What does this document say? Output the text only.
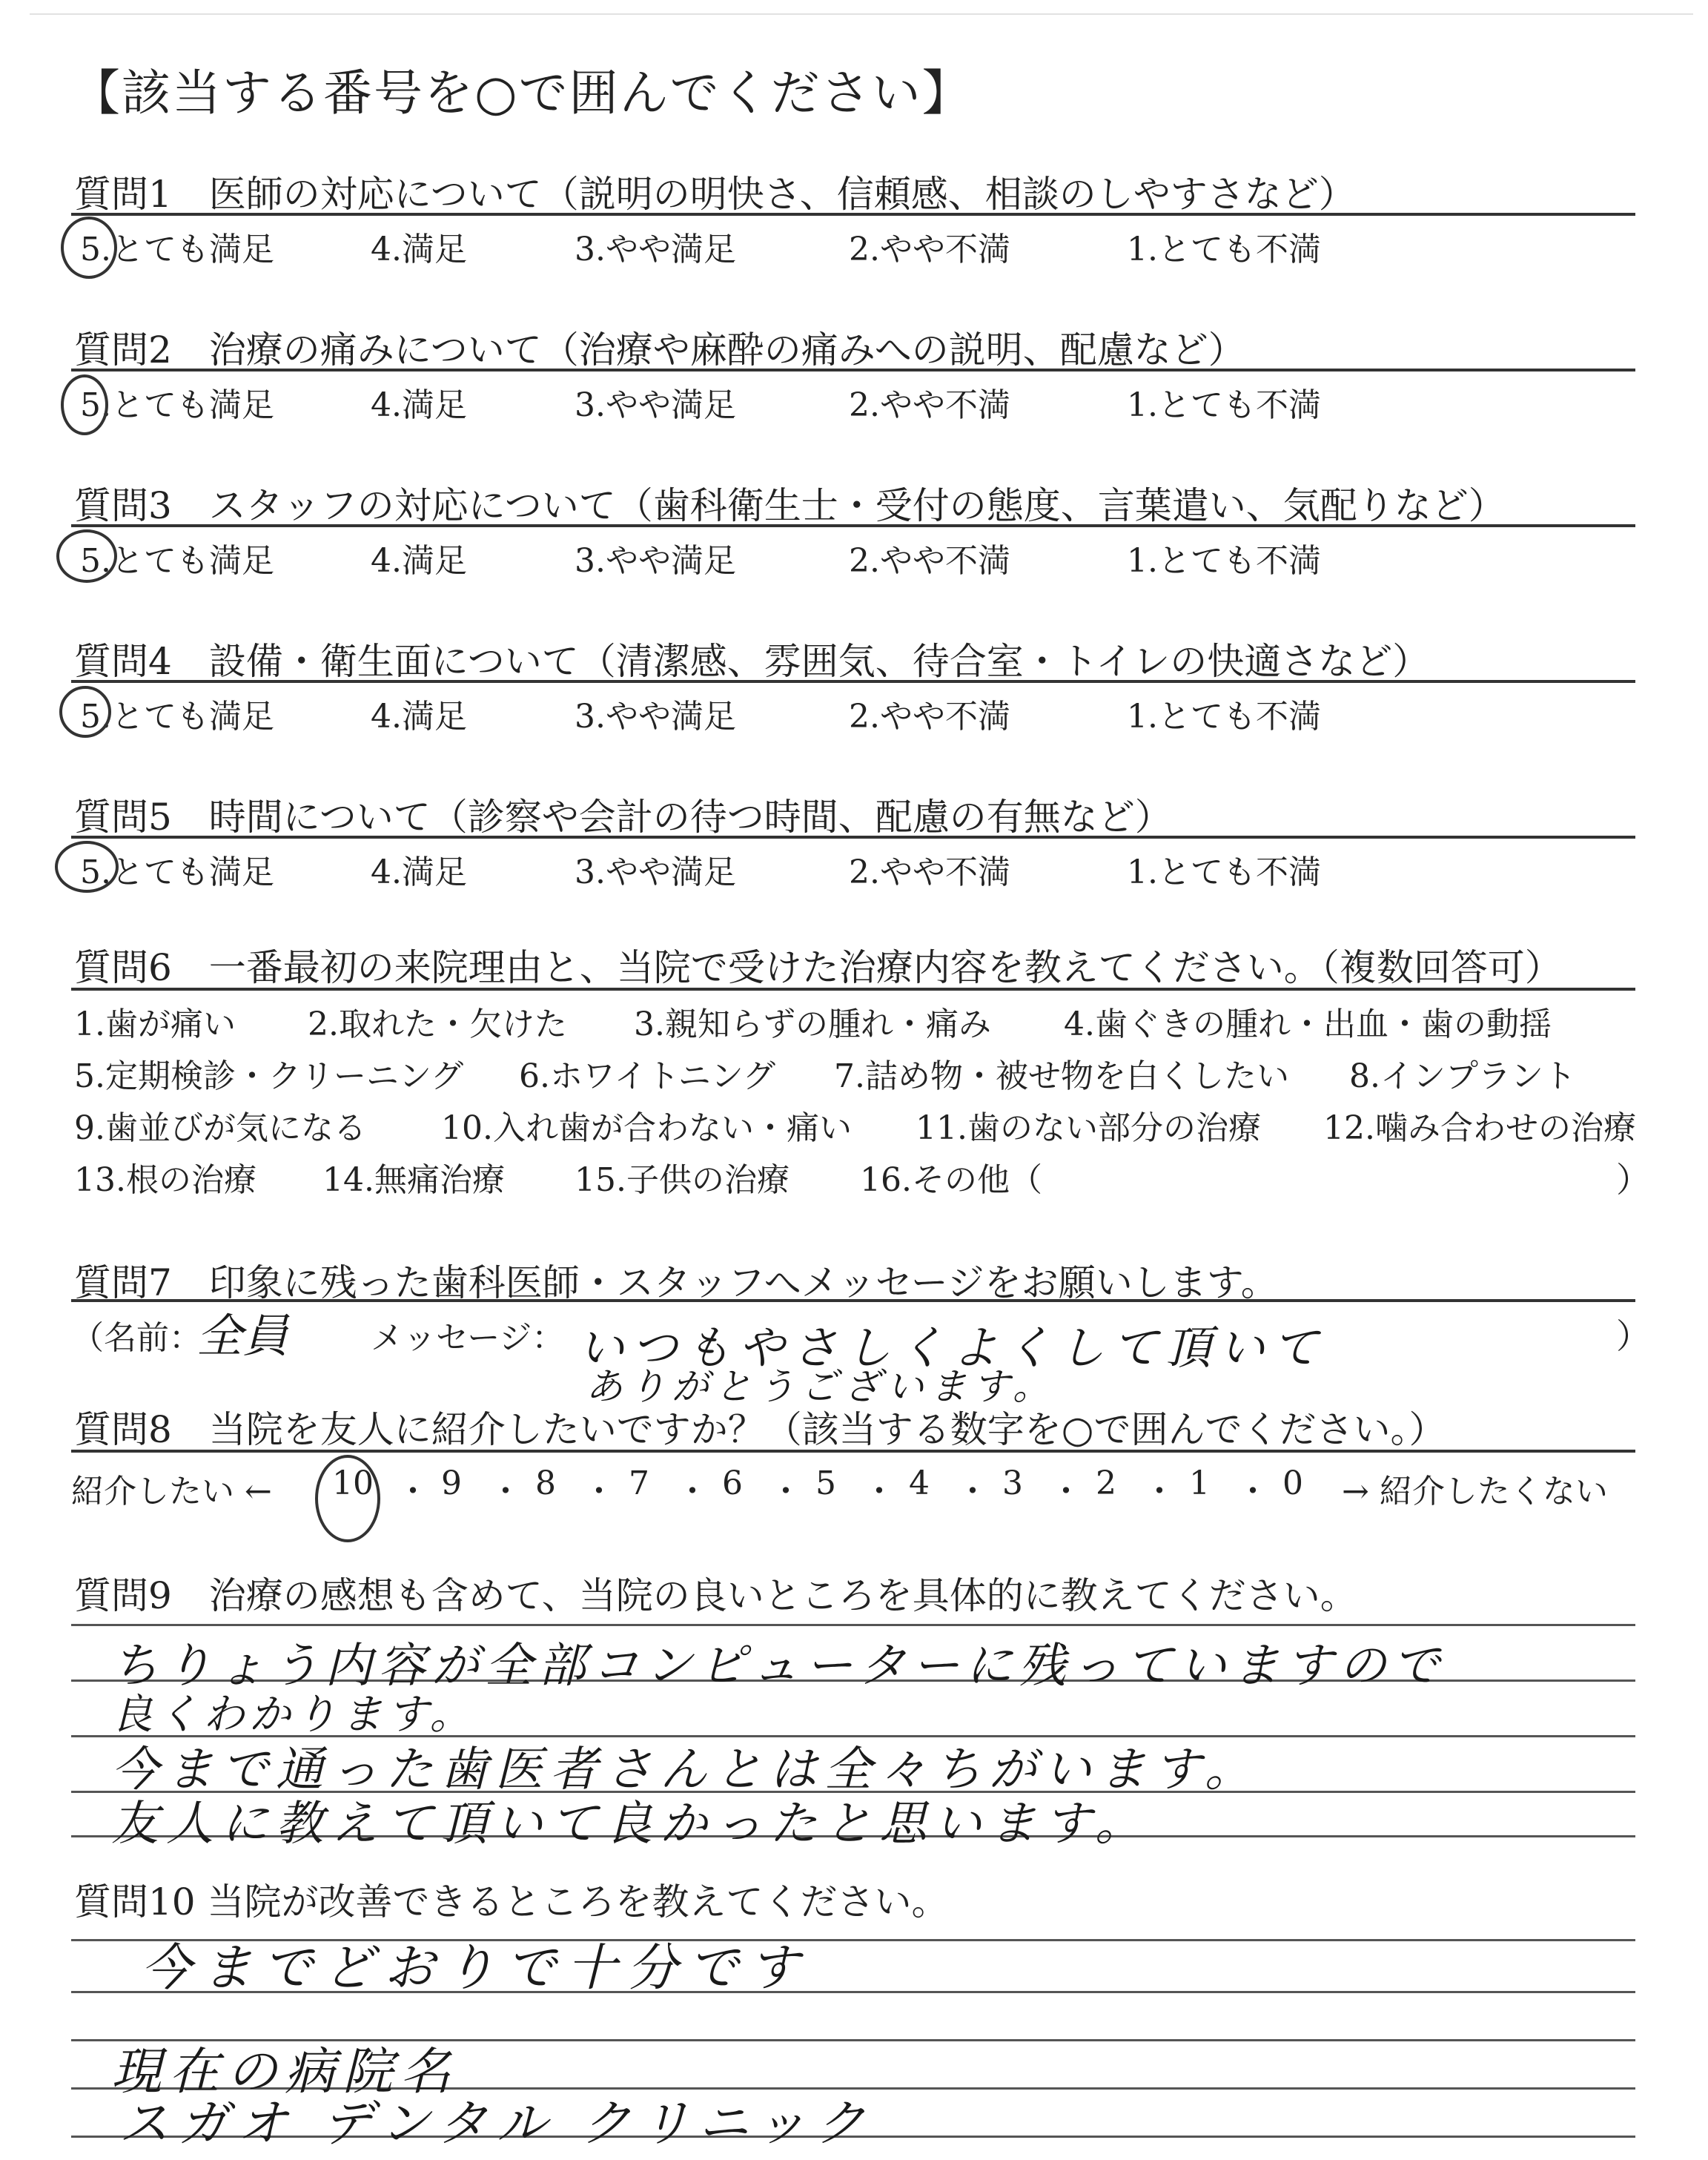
【該当する番号を○で囲んでください】
質問1　医師の対応について（説明の明快さ、信頼感、相談のしやすさなど）
5.とても満足	4.満足	3.やや満足	2.やや不満	1.とても不満
質問2　治療の痛みについて（治療や麻酔の痛みへの説明、配慮など）
5.とても満足	4.満足	3.やや満足	2.やや不満	1.とても不満
質問3　スタッフの対応について（歯科衛生士・受付の態度、言葉遣い、気配りなど）
5.とても満足	4.満足	3.やや満足	2.やや不満	1.とても不満
質問4　設備・衛生面について（清潔感、雰囲気、待合室・トイレの快適さなど）
5.とても満足	4.満足	3.やや満足	2.やや不満	1.とても不満
質問5　時間について（診察や会計の待つ時間、配慮の有無など）
5.とても満足	4.満足	3.やや満足	2.やや不満	1.とても不満
質問6　一番最初の来院理由と、当院で受けた治療内容を教えてください。（複数回答可）
1.歯が痛い 2.取れた・欠けた 3.親知らずの腫れ・痛み 4.歯ぐきの腫れ・出血・歯の動揺
5.定期検診・クリーニング 6.ホワイトニング 7.詰め物・被せ物を白くしたい 8.インプラント
9.歯並びが気になる 10.入れ歯が合わない・痛い 11.歯のない部分の治療 12.噛み合わせの治療
13.根の治療 14.無痛治療 15.子供の治療 16.その他（	）
質問7　印象に残った歯科医師・スタッフへメッセージをお願いします。
（名前：
全員	メッセージ： いつもやさしくよくして頂いて
ありがとうございます。
）
質問8　当院を友人に紹介したいですか？（該当する数字を○で囲んでください。）
紹介したい ← 10 ・ 9 ・ 8 ・ 7 ・ 6 ・ 5 ・ 4 ・ 3 ・ 2 ・ 1 ・ 0 → 紹介したくない
質問9　治療の感想も含めて、当院の良いところを具体的に教えてください。
ちりょう内容が全部コンピューターに残っていますので
良くわかります。
今まで通った歯医者さんとは全々ちがいます。
友人に教えて頂いて良かったと思います。
質問10 当院が改善できるところを教えてください。
今までどおりで十分です
現在の病院名
スガオ デンタル クリニック
